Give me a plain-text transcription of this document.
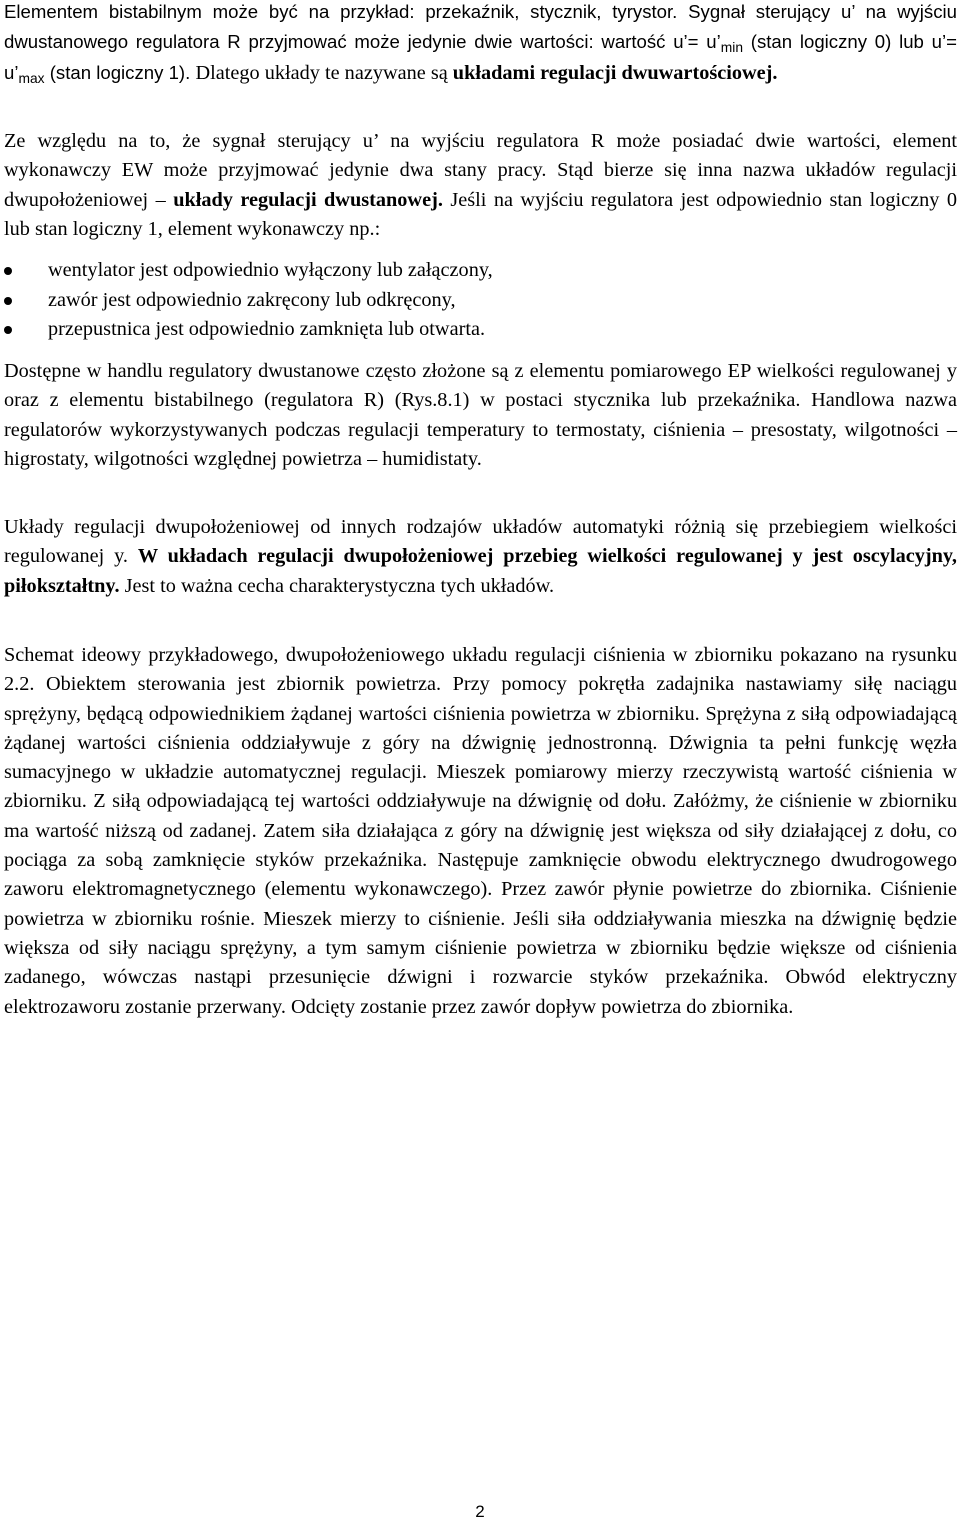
Elementem bistabilnym może być na przykład: przekaźnik, stycznik, tyrystor. Sygnał sterujący u’ na wyjściu dwustanowego regulatora R przyjmować może jedynie dwie wartości: wartość u’= $u’_{min}$ (stan logiczny 0) lub u’= $u’_{max}$ (stan logiczny 1). Dlatego układy te nazywane są układami regulacji dwuwartościowej.

Ze względu na to, że sygnał sterujący u’ na wyjściu regulatora R może posiadać dwie wartości, element wykonawczy EW może przyjmować jedynie dwa stany pracy. Stąd bierze się inna nazwa układów regulacji dwupołożeniowej – układy regulacji dwustanowej. Jeśli na wyjściu regulatora jest odpowiednio stan logiczny 0 lub stan logiczny 1, element wykonawczy np.:

wentylator jest odpowiednio wyłączony lub załączony,
zawór jest odpowiednio zakręcony lub odkręcony,
przepustnica jest odpowiednio zamknięta lub otwarta.

Dostępne w handlu regulatory dwustanowe często złożone są z elementu pomiarowego EP wielkości regulowanej y oraz z elementu bistabilnego (regulatora R) (Rys.8.1) w postaci stycznika lub przekaźnika. Handlowa nazwa regulatorów wykorzystywanych podczas regulacji temperatury to termostaty, ciśnienia – presostaty, wilgotności – higrostaty, wilgotności względnej powietrza – humidistaty.

Układy regulacji dwupołożeniowej od innych rodzajów układów automatyki różnią się przebiegiem wielkości regulowanej y. W układach regulacji dwupołożeniowej przebieg wielkości regulowanej y jest oscylacyjny, piłokształtny. Jest to ważna cecha charakterystyczna tych układów.

Schemat ideowy przykładowego, dwupołożeniowego układu regulacji ciśnienia w zbiorniku pokazano na rysunku 2.2. Obiektem sterowania jest zbiornik powietrza. Przy pomocy pokrętła zadajnika nastawiamy siłę naciągu sprężyny, będącą odpowiednikiem żądanej wartości ciśnienia powietrza w zbiorniku. Sprężyna z siłą odpowiadającą żądanej wartości ciśnienia oddziaływuje z góry na dźwignię jednostronną. Dźwignia ta pełni funkcję węzła sumacyjnego w układzie automatycznej regulacji. Mieszek pomiarowy mierzy rzeczywistą wartość ciśnienia w zbiorniku. Z siłą odpowiadającą tej wartości oddziaływuje na dźwignię od dołu. Załóżmy, że ciśnienie w zbiorniku ma wartość niższą od zadanej. Zatem siła działająca z góry na dźwignię jest większa od siły działającej z dołu, co pociąga za sobą zamknięcie styków przekaźnika. Następuje zamknięcie obwodu elektrycznego dwudrogowego zaworu elektromagnetycznego (elementu wykonawczego). Przez zawór płynie powietrze do zbiornika. Ciśnienie powietrza w zbiorniku rośnie. Mieszek mierzy to ciśnienie. Jeśli siła oddziaływania mieszka na dźwignię będzie większa od siły naciągu sprężyny, a tym samym ciśnienie powietrza w zbiorniku będzie większe od ciśnienia zadanego, wówczas nastąpi przesunięcie dźwigni i rozwarcie styków przekaźnika. Obwód elektryczny elektrozaworu zostanie przerwany. Odcięty zostanie przez zawór dopływ powietrza do zbiornika.

2
